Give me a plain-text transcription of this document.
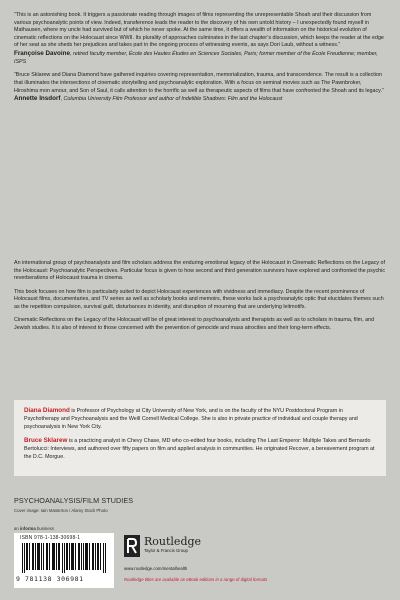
“This is an astonishing book. It triggers a passionate reading through images of films representing the unrepresentable Shoah and their discussion from various psychoanalytic points of view. Indeed, transference leads the reader to the discovery of his own untold history – I unexpectedly found myself in Mathausen, where my uncle had survived but of which he never spoke. At the same time, it offers a wealth of information on the historical evolution of cinematic reflections on the Holocaust since WWII. Its plurality of approaches culminates in the last chapter’s discussion, which keeps the reader at the edge of her seat as she sheds her prejudices and takes part in the ongoing process of witnessing events, as says Dori Laub, without a witness.”

Françoise Davoine, retired faculty member, École des Hautes Études en Sciences Sociales, Paris; former member of the École Freudienne; member, ISPS

“Bruce Sklarew and Diana Diamond have gathered inquiries covering representation, memorialization, trauma, and transcendence. The result is a collection that illuminates the intersections of cinematic storytelling and psychoanalytic exploration. With a focus on seminal movies such as The Pawnbroker, Hiroshima mon amour, and Son of Saul, it calls attention to the horrific as well as therapeutic aspects of films that have confronted the Shoah and its legacy.”

Annette Insdorf, Columbia University Film Professor and author of Indelible Shadows: Film and the Holocaust

An international group of psychoanalysts and film scholars address the enduring emotional legacy of the Holocaust in Cinematic Reflections on the Legacy of the Holocaust: Psychoanalytic Perspectives. Particular focus is given to how second and third generation survivors have explored and confronted the psychic reverberations of Holocaust trauma in cinema.

This book focuses on how film is particularly suited to depict Holocaust experiences with vividness and immediacy. Despite the recent prominence of Holocaust films, documentaries, and TV series as well as scholarly books and memoirs, these works lack a psychoanalytic optic that elucidates themes such as the repetition compulsion, survival guilt, disturbances in identity, and disruption of mourning that are underlying leitmotifs.

Cinematic Reflections on the Legacy of the Holocaust will be of great interest to psychoanalysts and therapists as well as to scholars in trauma, film, and Jewish studies. It is also of interest to those concerned with the prevention of genocide and mass atrocities and their long-term effects.

Diana Diamond is Professor of Psychology at City University of New York, and is on the faculty of the NYU Postdoctoral Program in Psychotherapy and Psychoanalysis and the Weill Cornell Medical College. She is also in private practice of individual and couple therapy and psychoanalysis in New York City.

Bruce Sklarew is a practicing analyst in Chevy Chase, MD who co-edited four books, including The Last Emperor: Multiple Takes and Bernardo Bertolucci: Interviews, and authored over fifty papers on film and applied analysis in communities. He originated Recover, a bereavement program at the D.C. Morgue.

PSYCHOANALYSIS/FILM STUDIES
Cover image: Iain Masterton / Alamy Stock Photo
an informa business
ISBN 978-1-138-30698-1
9 781138 306981
Routledge
Taylor & Francis Group
www.routledge.com/mentalhealth
Routledge titles are available as eBook editions in a range of digital formats
